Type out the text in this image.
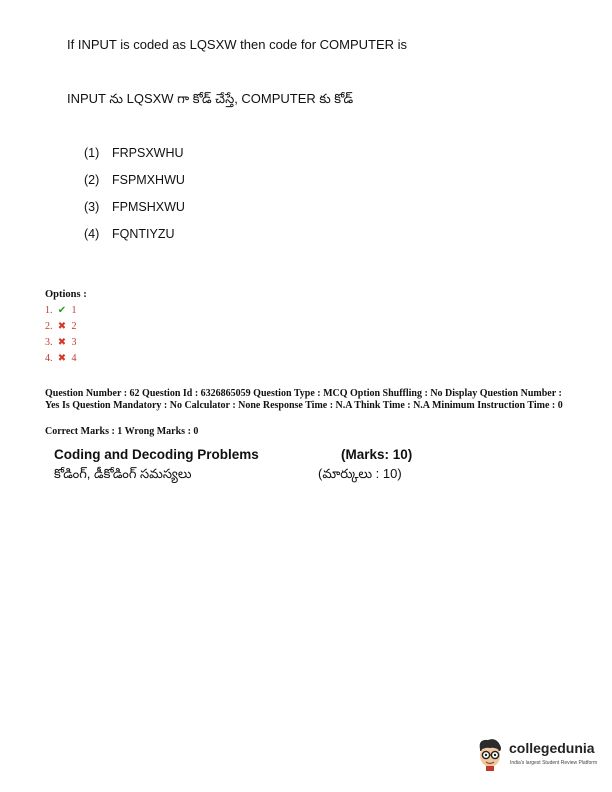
If INPUT is coded as LQSXW then code for COMPUTER is
INPUT ను LQSXW గా కోడ్ చేస్తే, COMPUTER కు కోడ్
(1) FRPSXWHU
(2) FSPMXHWU
(3) FPMSHXWU
(4) FQNTIYZU
Options :
1. ✔ 1
2. ✖ 2
3. ✖ 3
4. ✖ 4
Question Number : 62 Question Id : 6326865059 Question Type : MCQ Option Shuffling : No Display Question Number : Yes Is Question Mandatory : No Calculator : None Response Time : N.A Think Time : N.A Minimum Instruction Time : 0
Correct Marks : 1 Wrong Marks : 0
Coding and Decoding Problems
కోడింగ్, డీకోడింగ్ సమస్యలు
(Marks: 10)
(మార్కులు : 10)
collegedunia
India's largest Student Review Platform
